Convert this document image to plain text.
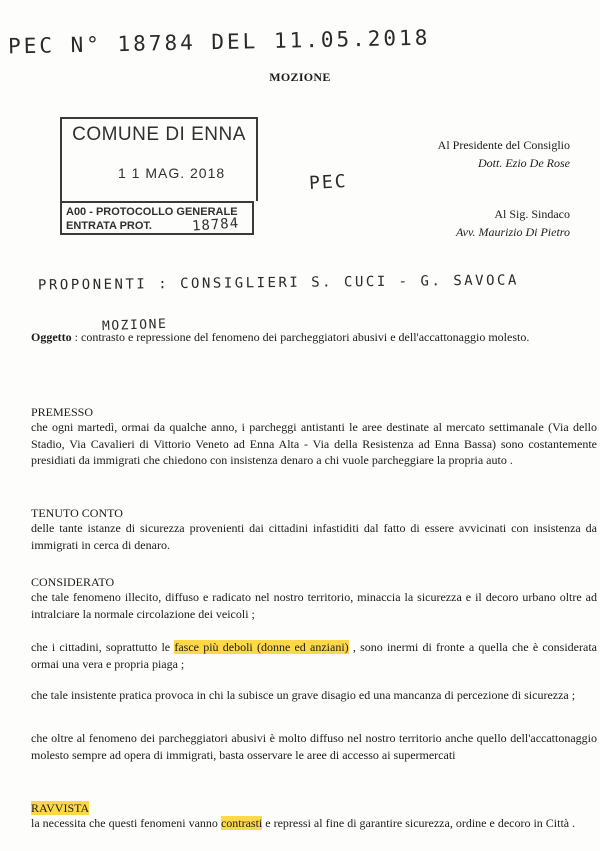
PEC N° 18784 DEL 11.05.2018
MOZIONE
COMUNE DI ENNA
1 1 MAG. 2018
A00 - PROTOCOLLO GENERALE
ENTRATA PROT.	18784
PEC
Al Presidente del Consiglio
Dott. Ezio De Rose
Al Sig. Sindaco
Avv. Maurizio Di Pietro
PROPONENTI : CONSIGLIERI S. CUCI - G. SAVOCA
MOZIONE
Oggetto : contrasto e repressione del fenomeno dei parcheggiatori abusivi e dell'accattonaggio molesto.
PREMESSO
che ogni martedì, ormai da qualche anno, i parcheggi antistanti le aree destinate al mercato settimanale (Via dello Stadio, Via Cavalieri di Vittorio Veneto ad Enna Alta - Via della Resistenza ad Enna Bassa) sono costantemente presidiati da immigrati che chiedono con insistenza denaro a chi vuole parcheggiare la propria auto .
TENUTO CONTO
delle tante istanze di sicurezza provenienti dai cittadini infastiditi dal fatto di essere avvicinati con insistenza da immigrati in cerca di denaro.
CONSIDERATO
che tale fenomeno illecito, diffuso e radicato nel nostro territorio, minaccia la sicurezza e il decoro urbano oltre ad intralciare la normale circolazione dei veicoli ;
che i cittadini, soprattutto le fasce più deboli (donne ed anziani) , sono inermi di fronte a quella che è considerata ormai una vera e propria piaga ;
che tale insistente pratica provoca in chi la subisce un grave disagio ed una mancanza di percezione di sicurezza ;
che oltre al fenomeno dei parcheggiatori abusivi è molto diffuso nel nostro territorio anche quello dell'accattonaggio molesto sempre ad opera di immigrati, basta osservare le aree di accesso ai supermercati
RAVVISTA
la necessita che questi fenomeni vanno contrasti e repressi al fine di garantire sicurezza, ordine e decoro in Città .
